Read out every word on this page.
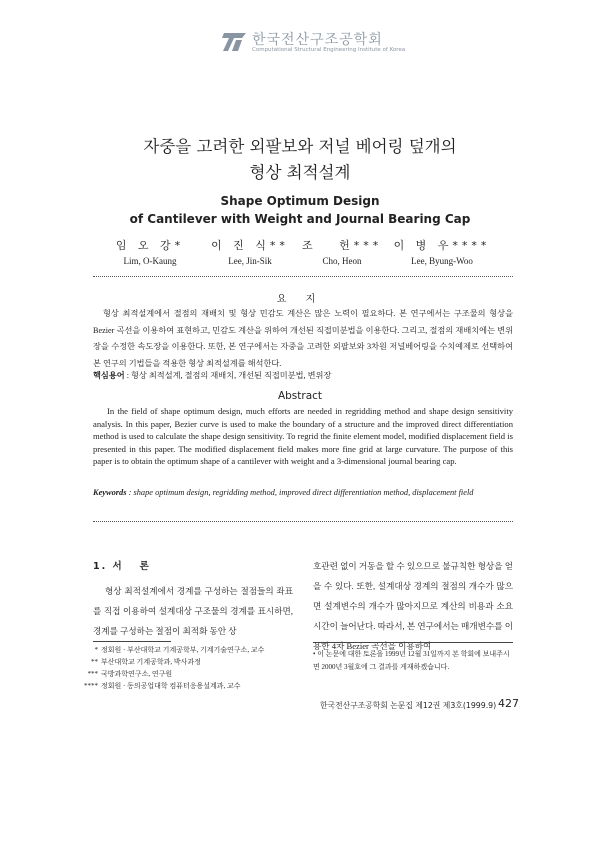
한국전산구조공학회
Computational Structural Engineering Institute of Korea
자중을 고려한 외팔보와 저널 베어링 덮개의
형상 최적설계
Shape Optimum Design
of Cantilever with Weight and Journal Bearing Cap
임 오 강*
Lim, O-Kaung
이 진 식**
Lee, Jin-Sik
조   헌***
Cho, Heon
이 병 우****
Lee, Byung-Woo
요 지
형상 최적설계에서 절점의 재배치 및 형상 민감도 계산은 많은 노력이 필요하다. 본 연구에서는 구조물의 형상을 Bezier 곡선을 이용하여 표현하고, 민감도 계산을 위하여 개선된 직접미분법을 이용한다. 그리고, 절점의 재배치에는 변위장을 수정한 속도장을 이용한다. 또한, 본 연구에서는 자중을 고려한 외팔보와 3차원 저널베어링을 수치예제로 선택하여 본 연구의 기법들을 적용한 형상 최적설계를 해석한다.
핵심용어 : 형상 최적설계, 절점의 재배치, 개선된 직접미분법, 변위장
Abstract
In the field of shape optimum design, much efforts are needed in regridding method and shape design sensitivity analysis. In this paper, Bezier curve is used to make the boundary of a structure and the improved direct differentiation method is used to calculate the shape design sensitivity. To regrid the finite element model, modified displacement field is presented in this paper. The modified displacement field makes more fine grid at large curvature. The purpose of this paper is to obtain the optimum shape of a cantilever with weight and a 3-dimensional journal bearing cap.
Keywords : shape optimum design, regridding method, improved direct differentiation method, displacement field
1. 서   론
형상 최적설계에서 경계를 구성하는 절점들의 좌표를 직접 이용하여 설계대상 구조물의 경계를 표시하면, 경계를 구성하는 절점이 최적화 동안 상
호관련 없이 거동을 할 수 있으므로 불규칙한 형상을 얻을 수 있다. 또한, 설계대상 경계의 절점의 개수가 많으면 설계변수의 개수가 많아지므로 계산의 비용과 소요시간이 늘어난다. 따라서, 본 연구에서는 매개변수를 이용한 4차 Bezier 곡선을 이용하여
* 정회원 · 부산대학교 기계공학부, 기계기술연구소, 교수
** 부산대학교 기계공학과, 박사과정
*** 국방과학연구소, 연구원
**** 정회원 · 동의공업대학 컴퓨터응용설계과, 교수
• 이 논문에 대한 토론을 1999년 12월 31일까지 본 학회에 보내주시면 2000년 3월호에 그 결과를 게재하겠습니다.
한국전산구조공학회 논문집 제12권 제3호(1999.9) 427
